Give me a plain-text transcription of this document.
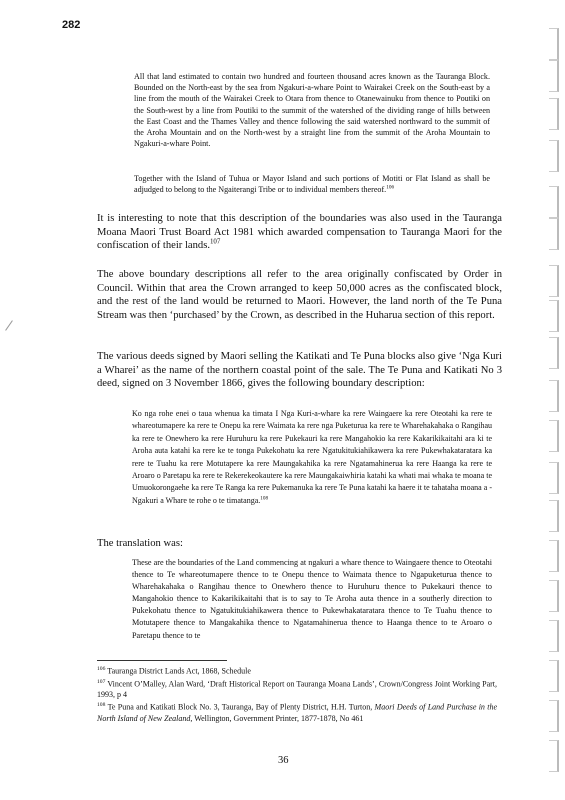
282

All that land estimated to contain two hundred and fourteen thousand acres known as the Tauranga Block. Bounded on the North-east by the sea from Ngakuri-a-whare Point to Wairakei Creek on the South-east by a line from the mouth of the Wairakei Creek to Otara from thence to Otanewainuku from thence to Poutiki on the South-west by a line from Poutiki to the summit of the watershed of the dividing range of hills between the East Coast and the Thames Valley and thence following the said watershed northward to the summit of the Aroha Mountain and on the North-west by a straight line from the summit of the Aroha Mountain to Ngakuri-a-whare Point.

Together with the Island of Tuhua or Mayor Island and such portions of Motiti or Flat Island as shall be adjudged to belong to the Ngaiterangi Tribe or to individual members thereof.$^{106}$

It is interesting to note that this description of the boundaries was also used in the Tauranga Moana Maori Trust Board Act 1981 which awarded compensation to Tauranga Maori for the confiscation of their lands.$^{107}$

The above boundary descriptions all refer to the area originally confiscated by Order in Council. Within that area the Crown arranged to keep 50,000 acres as the confiscated block, and the rest of the land would be returned to Maori. However, the land north of the Te Puna Stream was then ‘purchased’ by the Crown, as described in the Huharua section of this report.

The various deeds signed by Maori selling the Katikati and Te Puna blocks also give ‘Nga Kuri a Wharei’ as the name of the northern coastal point of the sale. The Te Puna and Katikati No 3 deed, signed on 3 November 1866, gives the following boundary description:

Ko nga rohe enei o taua whenua ka timata I Nga Kuri-a-whare ka rere Waingaere ka rere Oteotahi ka rere te whareotumapere ka rere te Onepu ka rere Waimata ka rere nga Puketurua ka rere te Wharehakahaka o Rangihau ka rere te Onewhero ka rere Huruhuru ka rere Pukekauri ka rere Mangahokio ka rere Kakarikikaitahi ara ki te Aroha auta katahi ka rere ke te tonga Pukekohatu ka rere Ngatukitukiahikawera ka rere Pukewhakataratara ka rere te Tuahu ka rere Motutapere ka rere Maungakahika ka rere Ngatamahinerua ka rere Haanga ka rere te Aroaro o Paretapu ka rere te Rekerekeokautere ka rere Maungakaiwhiria katahi ka whati mai whaka te moana te Umuokorongaehe ka rere Te Ranga ka rere Pukemanuka ka rere Te Puna katahi ka haere it te tahataha moana a - Ngakuri a Whare te rohe o te timatanga.$^{108}$

The translation was:

These are the boundaries of the Land commencing at ngakuri a whare thence to Waingaere thence to Oteotahi thence to Te whareotumapere thence to te Onepu thence to Waimata thence to Ngapuketurua thence to Wharehakahaka o Rangihau thence to Onewhero thence to Huruhuru thence to Pukekauri thence to Mangahokio thence to Kakarikikaitahi that is to say to Te Aroha auta thence in a southerly direction to Pukekohatu thence to Ngatukitukiahikawera thence to Pukewhakataratara thence to Te Tuahu thence to Motutapere thence to Mangakahika thence to Ngatamahinerua thence to Haanga thence to te Aroaro o Paretapu thence to te

$^{106}$ Tauranga District Lands Act, 1868, Schedule

$^{107}$ Vincent O’Malley, Alan Ward, ‘Draft Historical Report on Tauranga Moana Lands’, Crown/Congress Joint Working Part, 1993, p 4

$^{108}$ Te Puna and Katikati Block No. 3, Tauranga, Bay of Plenty District, H.H. Turton, Maori Deeds of Land Purchase in the North Island of New Zealand, Wellington, Government Printer, 1877-1878, No 461

36
